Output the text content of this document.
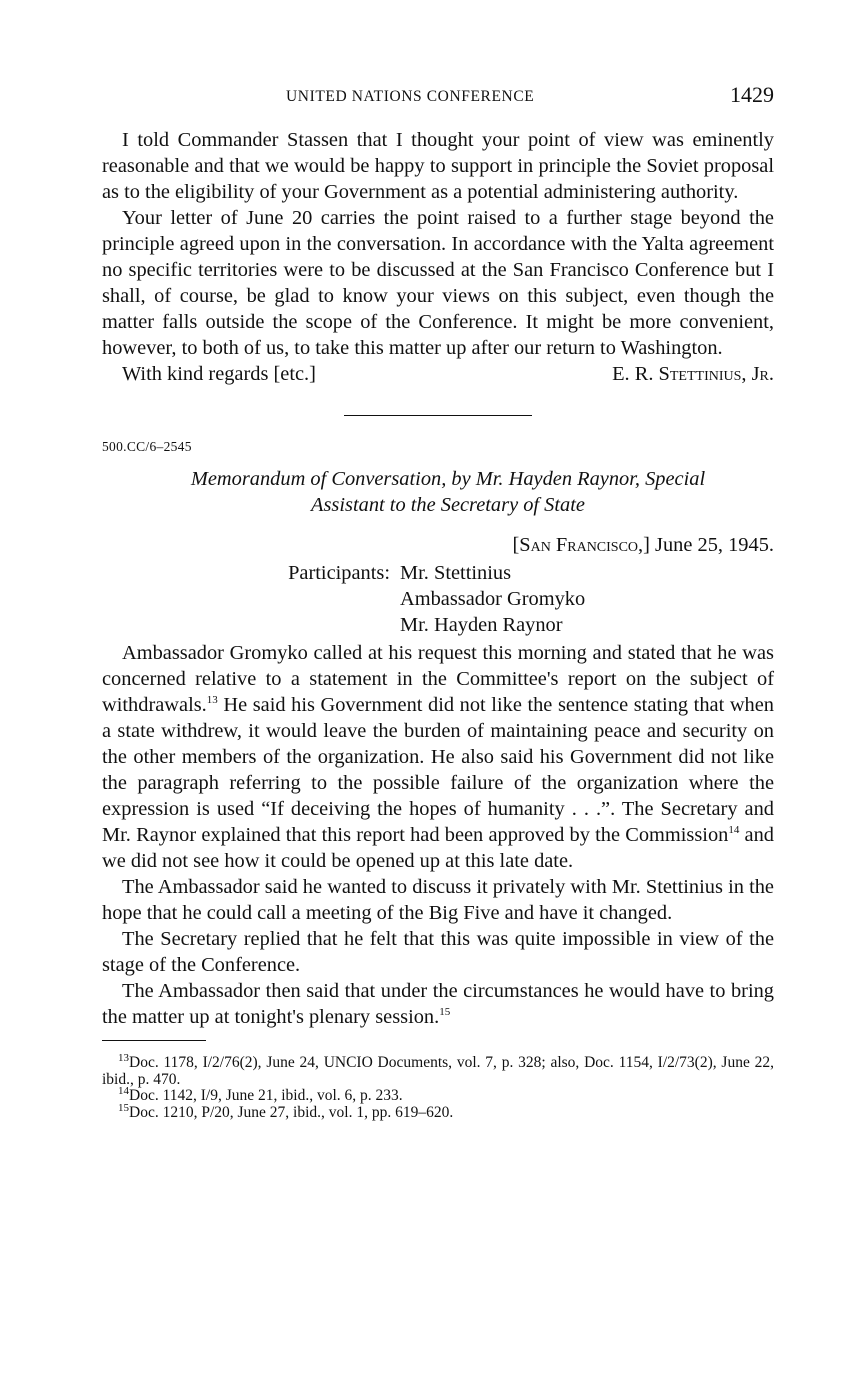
UNITED NATIONS CONFERENCE	1429

I told Commander Stassen that I thought your point of view was eminently reasonable and that we would be happy to support in principle the Soviet proposal as to the eligibility of your Government as a potential administering authority.

Your letter of June 20 carries the point raised to a further stage beyond the principle agreed upon in the conversation. In accordance with the Yalta agreement no specific territories were to be discussed at the San Francisco Conference but I shall, of course, be glad to know your views on this subject, even though the matter falls outside the scope of the Conference. It might be more convenient, however, to both of us, to take this matter up after our return to Washington.

With kind regards [etc.]	E. R. Stettinius, Jr.
500.CC/6–2545
Memorandum of Conversation, by Mr. Hayden Raynor, Special
Assistant to the Secretary of State
[San Francisco,] June 25, 1945.
Participants: Mr. Stettinius
Ambassador Gromyko
Mr. Hayden Raynor

Ambassador Gromyko called at his request this morning and stated that he was concerned relative to a statement in the Committee's report on the subject of withdrawals.$^{13}$ He said his Government did not like the sentence stating that when a state withdrew, it would leave the burden of maintaining peace and security on the other members of the organization. He also said his Government did not like the paragraph referring to the possible failure of the organization where the expression is used “If deceiving the hopes of humanity . . .”. The Secretary and Mr. Raynor explained that this report had been approved by the Commission$^{14}$ and we did not see how it could be opened up at this late date.

The Ambassador said he wanted to discuss it privately with Mr. Stettinius in the hope that he could call a meeting of the Big Five and have it changed.

The Secretary replied that he felt that this was quite impossible in view of the stage of the Conference.

The Ambassador then said that under the circumstances he would have to bring the matter up at tonight's plenary session.$^{15}$

$^{13}$Doc. 1178, I/2/76(2), June 24, UNCIO Documents, vol. 7, p. 328; also, Doc. 1154, I/2/73(2), June 22, ibid., p. 470.
$^{14}$Doc. 1142, I/9, June 21, ibid., vol. 6, p. 233.
$^{15}$Doc. 1210, P/20, June 27, ibid., vol. 1, pp. 619–620.
